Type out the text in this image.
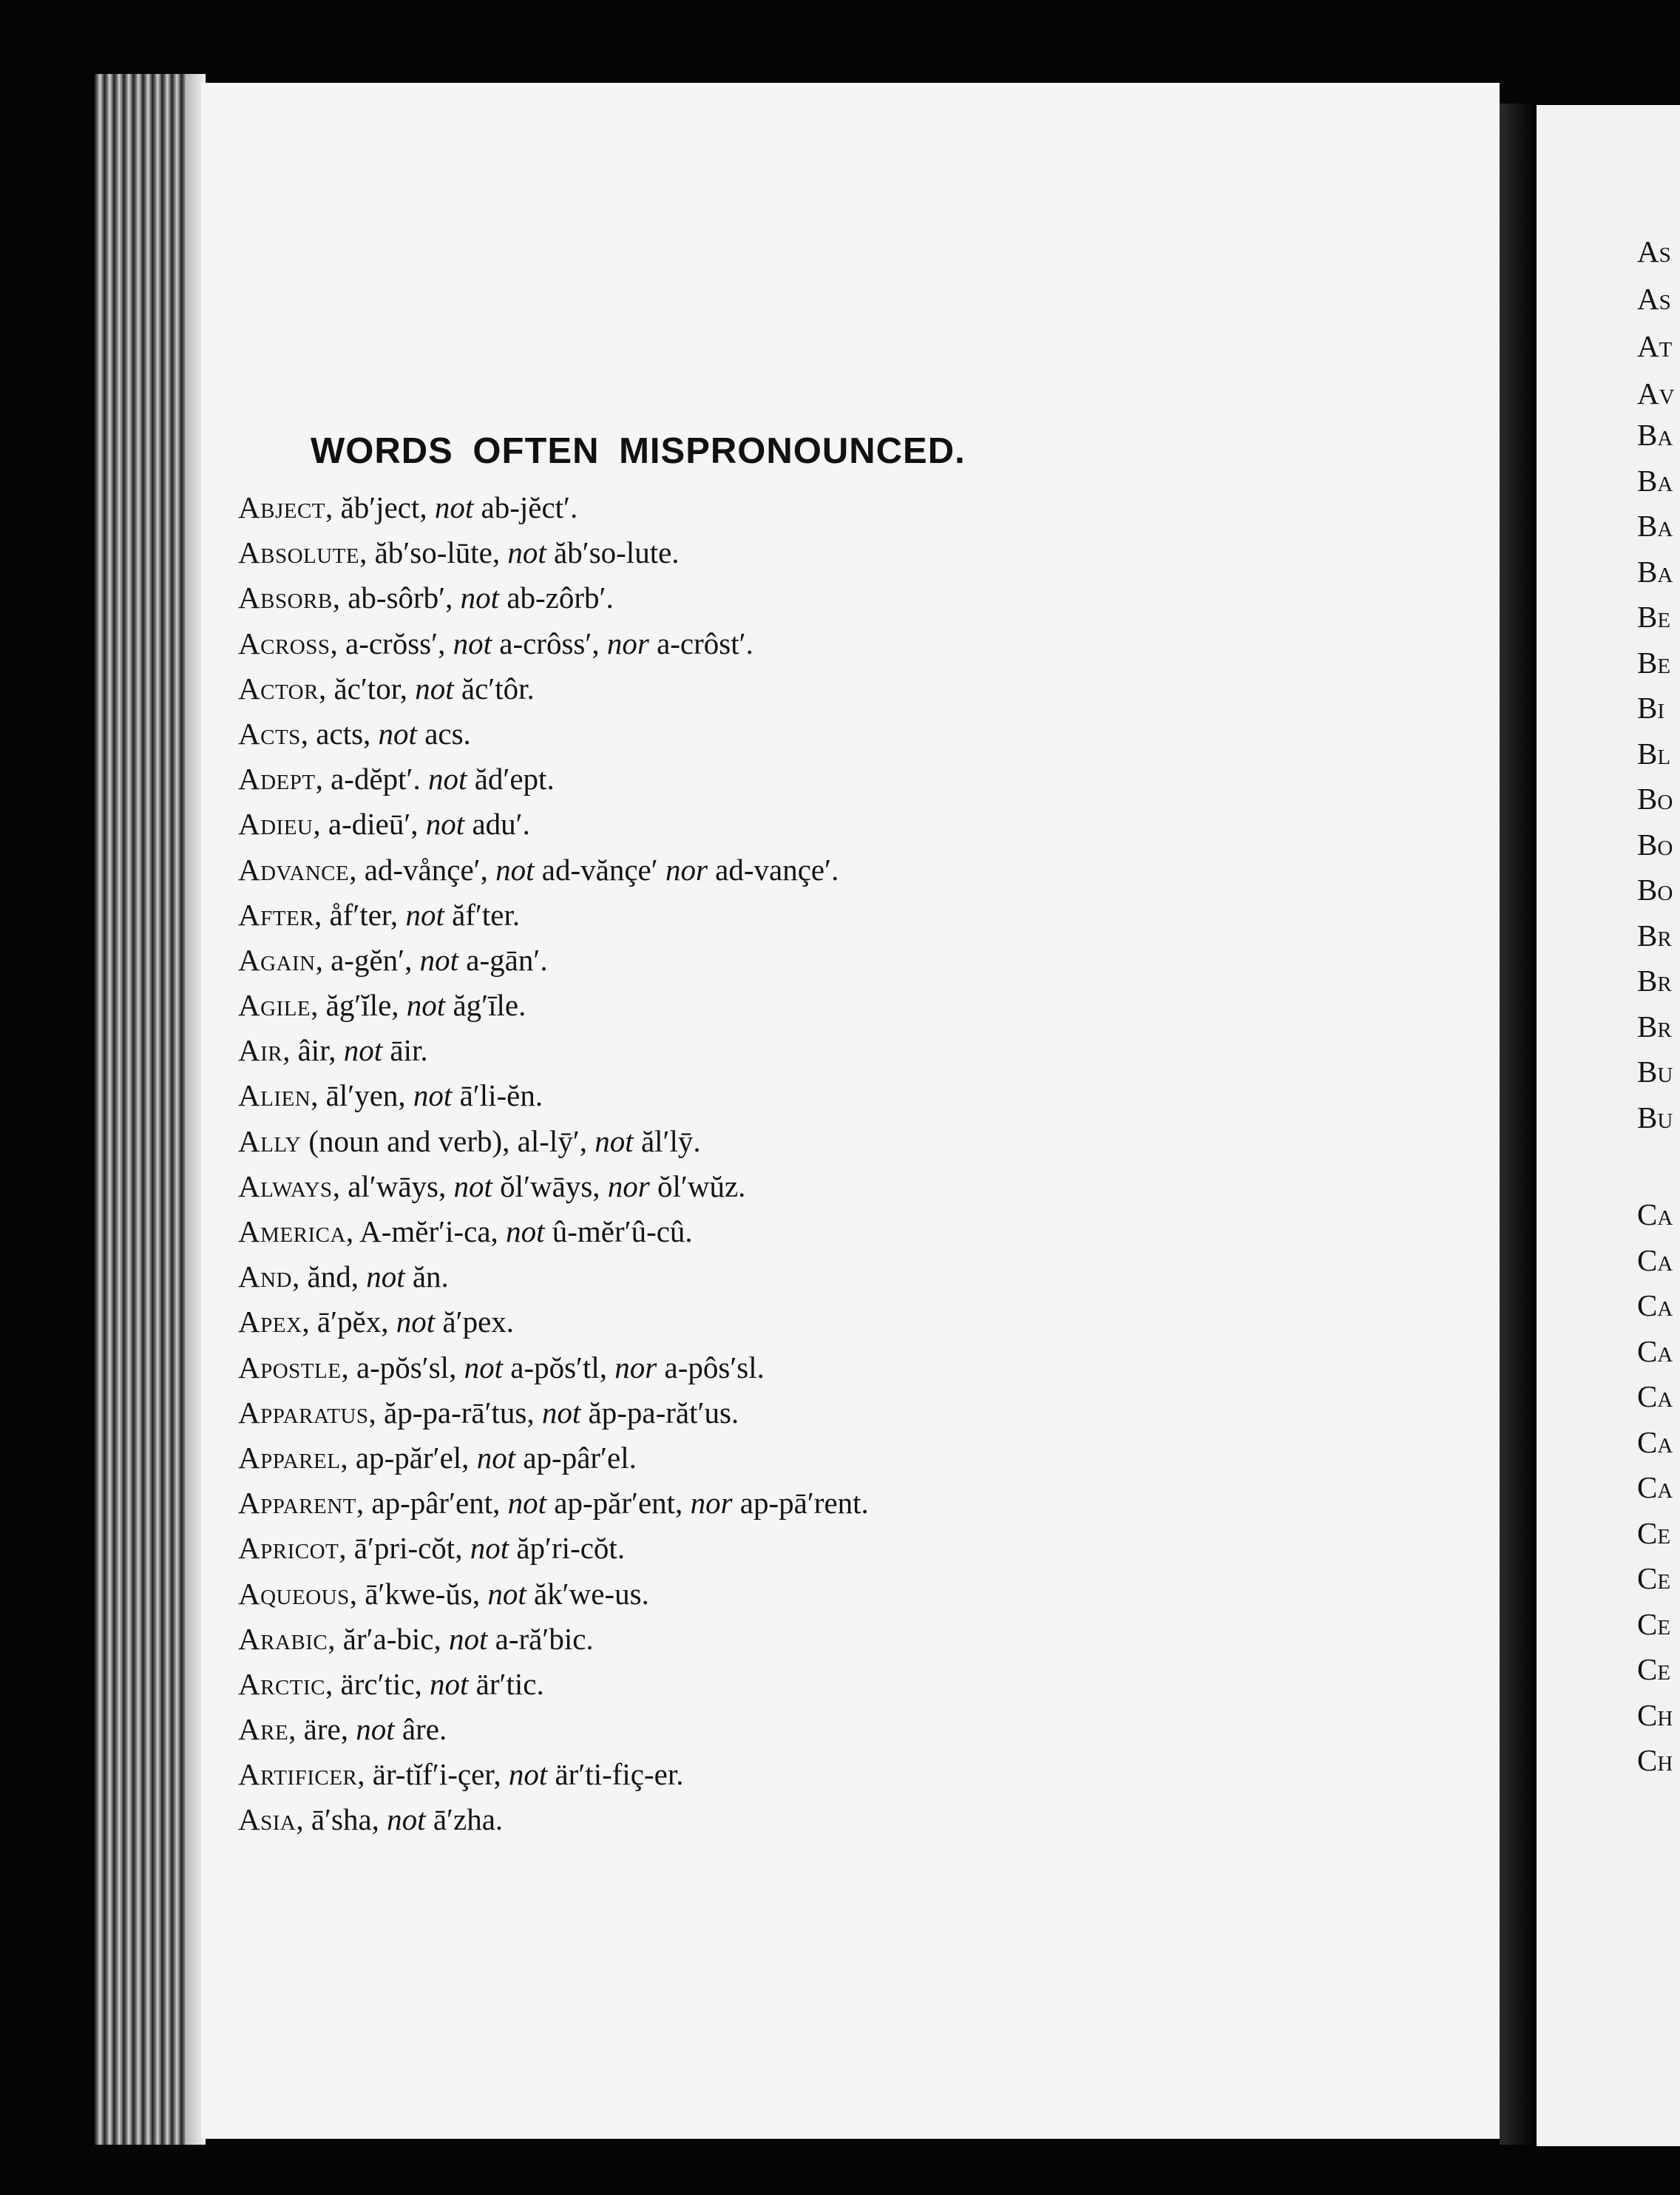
WORDS OFTEN MISPRONOUNCED.
Abject, ăb′ject, not ab-jĕct′.
Absolute, ăb′so-lūte, not ăb′so-lute.
Absorb, ab-sôrb′, not ab-zôrb′.
Across, a-crŏss′, not a-crôss′, nor a-crôst′.
Actor, ăc′tor, not ăc′tôr.
Acts, acts, not acs.
Adept, a-dĕpt′. not ăd′ept.
Adieu, a-dieū′, not adu′.
Advance, ad-vånçe′, not ad-vănçe′ nor ad-vançe′.
After, åf′ter, not ăf′ter.
Again, a-gĕn′, not a-gān′.
Agile, ăg′ĭle, not ăg′īle.
Air, âir, not āir.
Alien, āl′yen, not ā′li-ĕn.
Ally (noun and verb), al-lȳ′, not ăl′lȳ.
Always, al′wāys, not ŏl′wāys, nor ŏl′wŭz.
America, A-mĕr′i-ca, not û-mĕr′û-cû.
And, ănd, not ăn.
Apex, ā′pĕx, not ă′pex.
Apostle, a-pŏs′sl, not a-pŏs′tl, nor a-pôs′sl.
Apparatus, ăp-pa-rā′tus, not ăp-pa-răt′us.
Apparel, ap-păr′el, not ap-pâr′el.
Apparent, ap-pâr′ent, not ap-păr′ent, nor ap-pā′rent.
Apricot, ā′pri-cŏt, not ăp′ri-cŏt.
Aqueous, ā′kwe-ŭs, not ăk′we-us.
Arabic, ăr′a-bic, not a-ră′bic.
Arctic, ärc′tic, not är′tic.
Are, äre, not âre.
Artificer, är-tĭf′i-çer, not är′ti-fiç-er.
Asia, ā′sha, not ā′zha.
As
As
At
Av
Ba
Ba
Ba
Ba
Be
Be
Bi
Bl
Bo
Bo
Bo
Br
Br
Br
Bu
Bu
Ca
Ca
Ca
Ca
Ca
Ca
Ca
Ce
Ce
Ce
Ce
Ch
Ch
